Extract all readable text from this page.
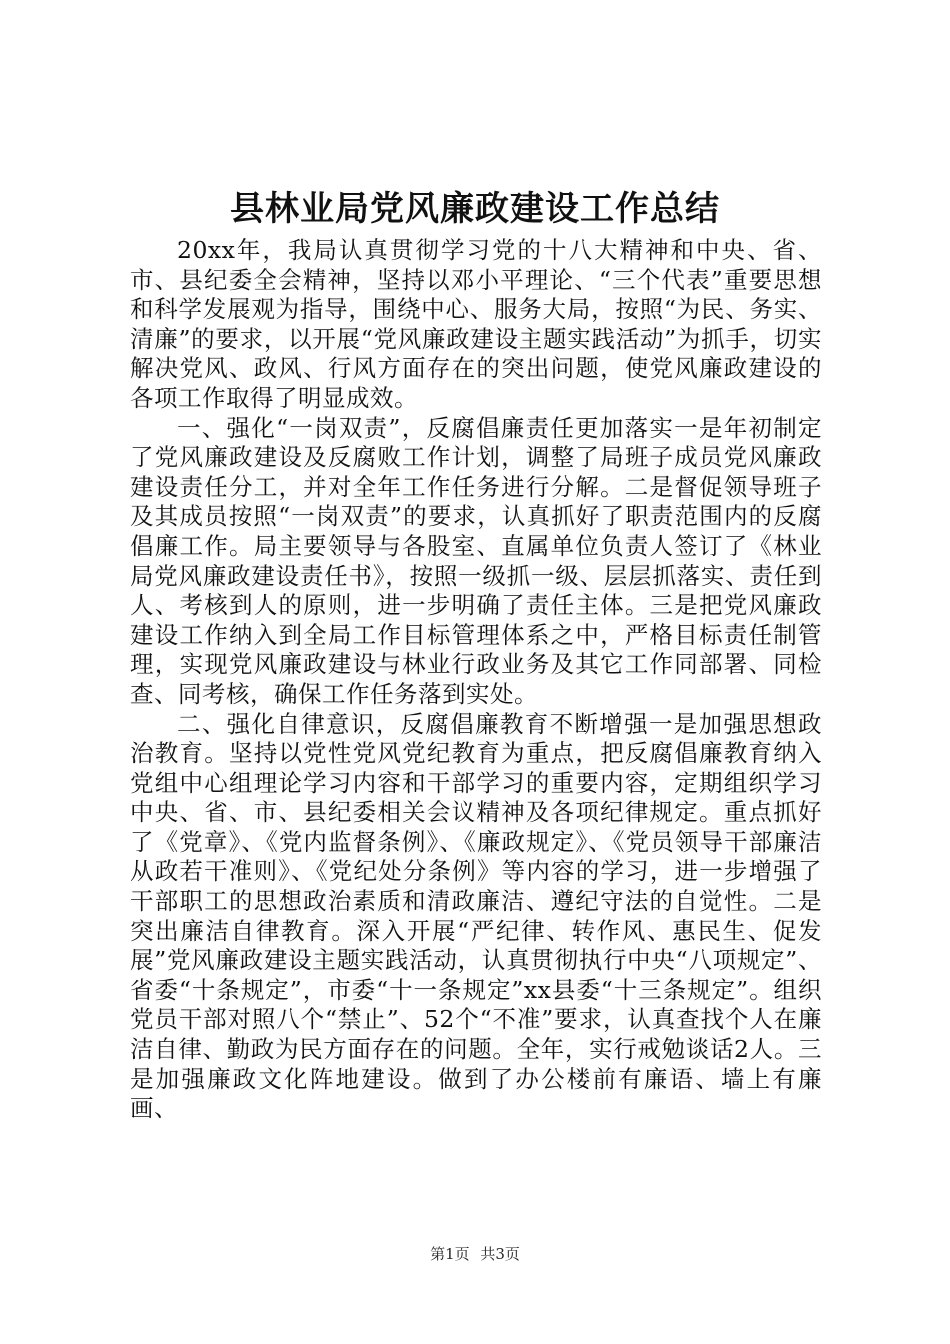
县林业局党风廉政建设工作总结

20xx年，我局认真贯彻学习党的十八大精神和中央、省、市、县纪委全会精神，坚持以邓小平理论、“三个代表”重要思想和科学发展观为指导，围绕中心、服务大局，按照“为民、务实、清廉”的要求，以开展“党风廉政建设主题实践活动”为抓手，切实解决党风、政风、行风方面存在的突出问题，使党风廉政建设的各项工作取得了明显成效。

一、强化“一岗双责”，反腐倡廉责任更加落实一是年初制定了党风廉政建设及反腐败工作计划，调整了局班子成员党风廉政建设责任分工，并对全年工作任务进行分解。二是督促领导班子及其成员按照“一岗双责”的要求，认真抓好了职责范围内的反腐倡廉工作。局主要领导与各股室、直属单位负责人签订了《林业局党风廉政建设责任书》，按照一级抓一级、层层抓落实、责任到人、考核到人的原则，进一步明确了责任主体。三是把党风廉政建设工作纳入到全局工作目标管理体系之中，严格目标责任制管理，实现党风廉政建设与林业行政业务及其它工作同部署、同检查、同考核，确保工作任务落到实处。

二、强化自律意识，反腐倡廉教育不断增强一是加强思想政治教育。坚持以党性党风党纪教育为重点，把反腐倡廉教育纳入党组中心组理论学习内容和干部学习的重要内容，定期组织学习中央、省、市、县纪委相关会议精神及各项纪律规定。重点抓好了《党章》、《党内监督条例》、《廉政规定》、《党员领导干部廉洁从政若干准则》、《党纪处分条例》等内容的学习，进一步增强了干部职工的思想政治素质和清政廉洁、遵纪守法的自觉性。二是突出廉洁自律教育。深入开展“严纪律、转作风、惠民生、促发展”党风廉政建设主题实践活动，认真贯彻执行中央“八项规定”、省委“十条规定”，市委“十一条规定”xx县委“十三条规定”。组织党员干部对照八个“禁止”、52个“不准”要求，认真查找个人在廉洁自律、勤政为民方面存在的问题。全年，实行戒勉谈话2人。三是加强廉政文化阵地建设。做到了办公楼前有廉语、墙上有廉画、

第1页 共3页
